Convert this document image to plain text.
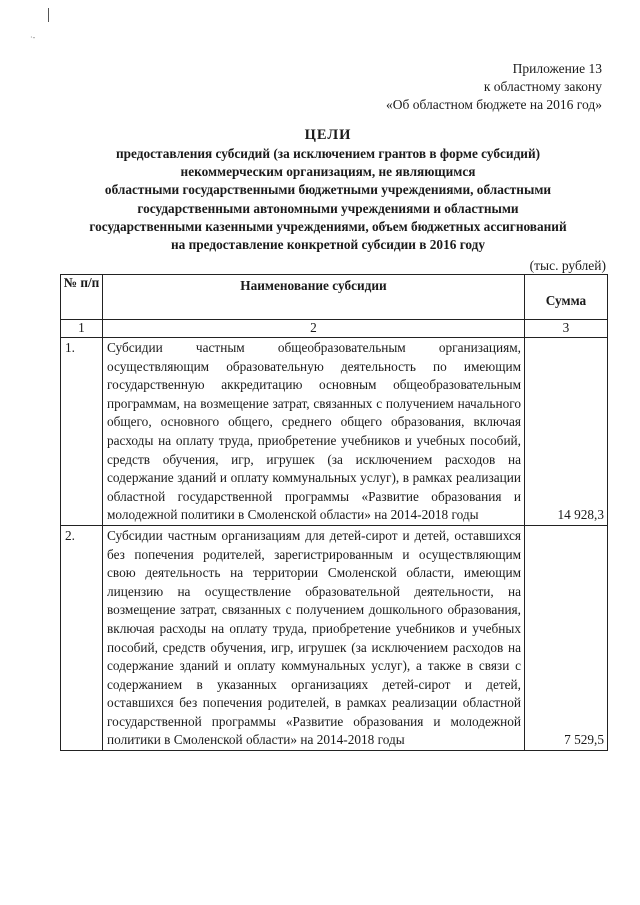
·‐
Приложение 13
к областному закону
«Об областном бюджете на 2016 год»
ЦЕЛИ
предоставления субсидий (за исключением грантов в форме субсидий)
некоммерческим организациям, не являющимся
областными государственными бюджетными учреждениями, областными
государственными автономными учреждениями и областными
государственными казенными учреждениями, объем бюджетных ассигнований
на предоставление конкретной субсидии в 2016 году
(тыс. рублей)
№ п/п	Наименование субсидии	Сумма
1	2	3
1.	Субсидии частным общеобразовательным организациям, осуществляющим образовательную деятельность по имеющим государственную аккредитацию основным общеобразовательным программам, на возмещение затрат, связанных с получением начального общего, основного общего, среднего общего образования, включая расходы на оплату труда, приобретение учебников и учебных пособий, средств обучения, игр, игрушек (за исключением расходов на содержание зданий и оплату коммунальных услуг), в рамках реализации областной государственной программы «Развитие образования и молодежной политики в Смоленской области» на 2014-2018 годы	14 928,3
2.	Субсидии частным организациям для детей-сирот и детей, оставшихся без попечения родителей, зарегистрированным и осуществляющим свою деятельность на территории Смоленской области, имеющим лицензию на осуществление образовательной деятельности, на возмещение затрат, связанных с получением дошкольного образования, включая расходы на оплату труда, приобретение учебников и учебных пособий, средств обучения, игр, игрушек (за исключением расходов на содержание зданий и оплату коммунальных услуг), а также в связи с содержанием в указанных организациях детей-сирот и детей, оставшихся без попечения родителей, в рамках реализации областной государственной программы «Развитие образования и молодежной политики в Смоленской области» на 2014-2018 годы	7 529,5
